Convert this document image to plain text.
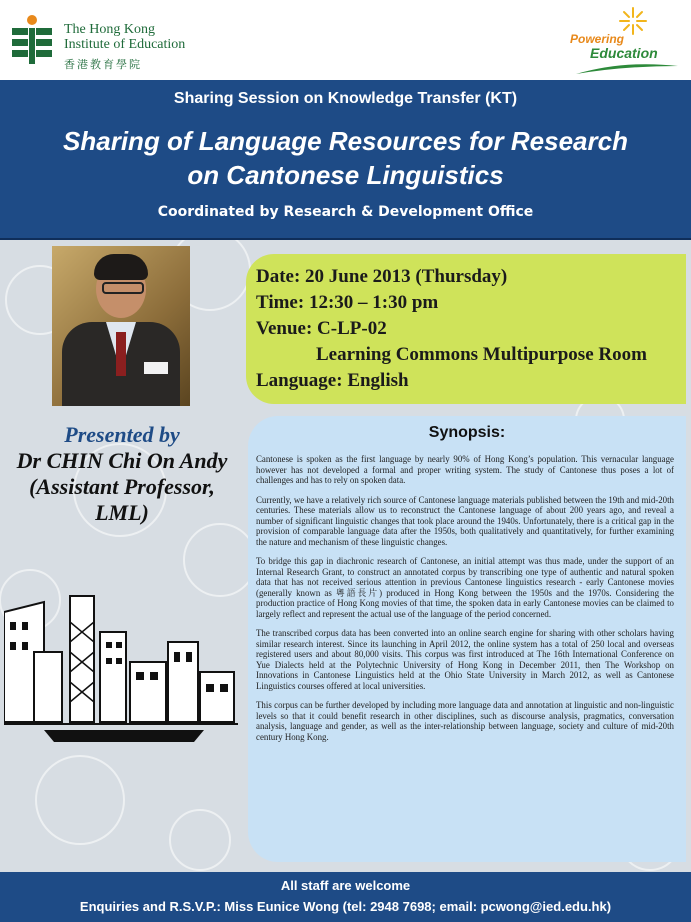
The Hong Kong
Institute of Education
香港教育學院
Powering
Education
Sharing Session on Knowledge Transfer (KT)
Sharing of Language Resources for Research
on Cantonese Linguistics
Coordinated by Research & Development Office
Date: 20 June 2013 (Thursday)
Time: 12:30 – 1:30 pm
Venue: C-LP-02
Learning Commons Multipurpose Room
Language: English
Presented by
Dr CHIN Chi On Andy
(Assistant Professor,
LML)
Synopsis:

Cantonese is spoken as the first language by nearly 90% of Hong Kong’s population. This vernacular language however has not developed a formal and proper writing system. The study of Cantonese thus poses a lot of challenges and has to rely on spoken data.

Currently, we have a relatively rich source of Cantonese language materials published between the 19th and mid-20th centuries. These materials allow us to reconstruct the Cantonese language of about 200 years ago, and reveal a number of significant linguistic changes that took place around the 1940s. Unfortunately, there is a critical gap in the provision of comparable language data after the 1950s, both qualitatively and quantitatively, for further examining the nature and mechanism of these linguistic changes.

To bridge this gap in diachronic research of Cantonese, an initial attempt was thus made, under the support of an Internal Research Grant, to construct an annotated corpus by transcribing one type of authentic and natural spoken data that has not received serious attention in previous Cantonese linguistics research - early Cantonese movies (generally known as 粵語長片) produced in Hong Kong between the 1950s and the 1970s. Considering the production practice of Hong Kong movies of that time, the spoken data in early Cantonese movies can be claimed to largely reflect and represent the actual use of the language of the period concerned.

The transcribed corpus data has been converted into an online search engine for sharing with other scholars having similar research interest. Since its launching in April 2012, the online system has a total of 250 local and overseas registered users and about 80,000 visits. This corpus was first introduced at The 16th International Conference on Yue Dialects held at the Polytechnic University of Hong Kong in December 2011, then The Workshop on Innovations in Cantonese Linguistics held at the Ohio State University in March 2012, as well as Cantonese Linguistics courses offered at local universities.

This corpus can be further developed by including more language data and annotation at linguistic and non-linguistic levels so that it could benefit research in other disciplines, such as discourse analysis, pragmatics, conversation analysis, language and gender, as well as the inter-relationship between language, society and culture of mid-20th century Hong Kong.

All staff are welcome
Enquiries and R.S.V.P.: Miss Eunice Wong (tel: 2948 7698; email: pcwong@ied.edu.hk)
